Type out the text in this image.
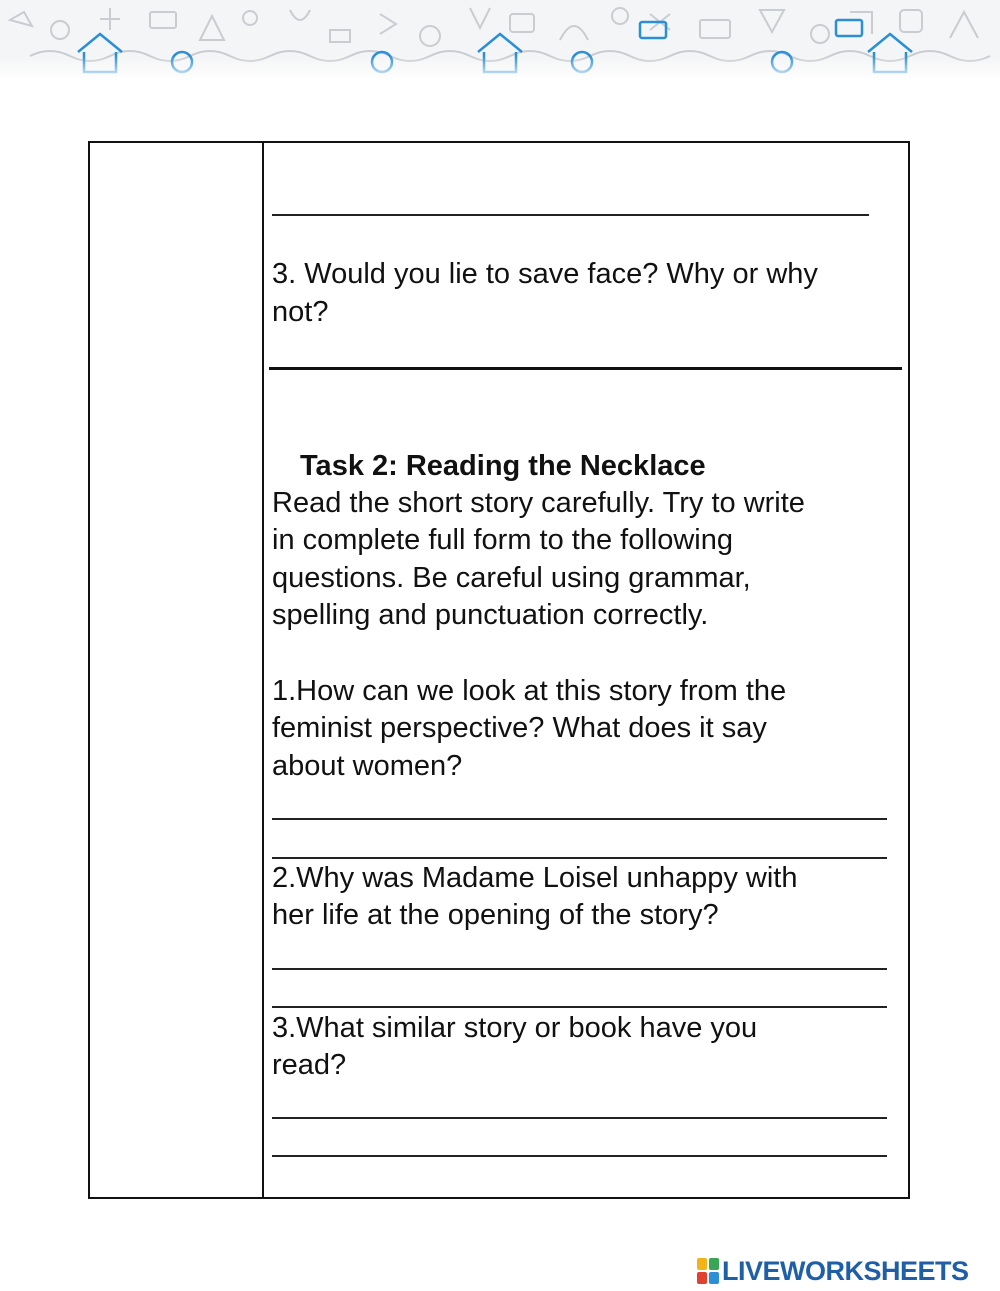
3. Would you lie to save face? Why or why

not?

Task 2: Reading the Necklace

Read the short story carefully. Try to write

in complete full form to the following

questions. Be careful using grammar,

spelling and punctuation correctly.

1.How can we look at this story from the

feminist perspective? What does it say

about women?

2.Why was Madame Loisel unhappy with

her life at the opening of the story?

3.What similar story or book have you

read?

LIVEWORKSHEETS
